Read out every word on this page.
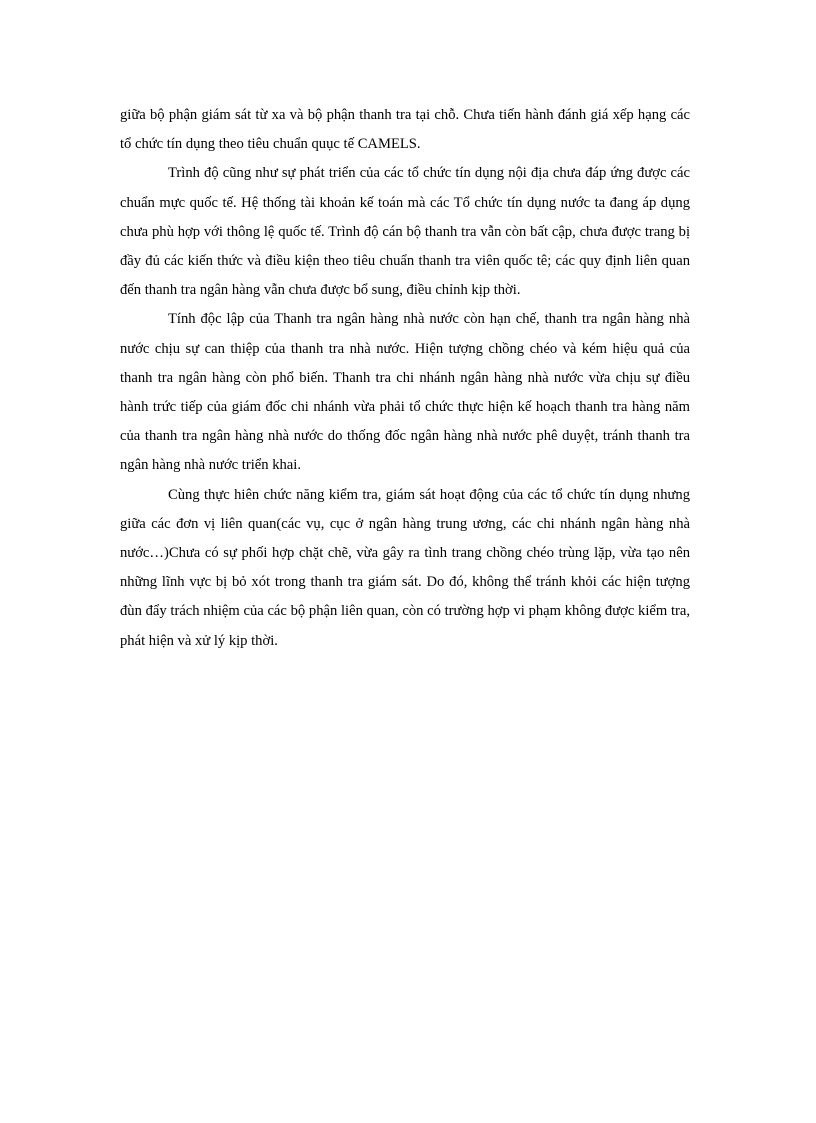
giữa bộ phận giám sát từ xa và bộ phận thanh tra tại chỗ. Chưa tiến hành đánh giá xếp hạng các tổ chức tín dụng theo tiêu chuẩn quục tế CAMELS.

Trình độ cũng như sự phát triển của các tổ chức tín dụng nội địa chưa đáp ứng được các chuẩn mực quốc tế. Hệ thống tài khoản kế toán mà các Tổ chức tín dụng nước ta đang áp dụng chưa phù hợp với thông lệ quốc tế. Trình độ cán bộ thanh tra vẫn còn bất cập, chưa được trang bị đầy đủ các kiến thức và điều kiện theo tiêu chuẩn thanh tra viên quốc tê; các quy định liên quan đến thanh tra ngân hàng vẫn chưa được bổ sung, điều chỉnh kịp thời.

Tính độc lập của Thanh tra ngân hàng nhà nước còn hạn chế, thanh tra ngân hàng nhà nước chịu sự can thiệp của thanh tra nhà nước. Hiện tượng chồng chéo và kém hiệu quả của thanh tra ngân hàng còn phổ biến. Thanh tra chi nhánh ngân hàng nhà nước vừa chịu sự điều hành trức tiếp của giám đốc chi nhánh vừa phải tổ chức thực hiện kế hoạch thanh tra hàng năm của thanh tra ngân hàng nhà nước do thống đốc ngân hàng nhà nước phê duyệt, tránh thanh tra ngân hàng nhà nước triển khai.

Cùng thực hiên chức năng kiểm tra, giám sát hoạt động của các tổ chức tín dụng nhưng giữa các đơn vị liên quan(các vụ, cục ở ngân hàng trung ương, các chi nhánh ngân hàng nhà nước…)Chưa có sự phối hợp chặt chẽ, vừa gây ra tình trang chồng chéo trùng lặp, vừa tạo nên những lĩnh vực bị bỏ xót trong thanh tra giám sát. Do đó, không thể tránh khỏi các hiện tượng đùn đẩy trách nhiệm của các bộ phận liên quan, còn có trường hợp vi phạm không được kiểm tra, phát hiện và xử lý kịp thời.
